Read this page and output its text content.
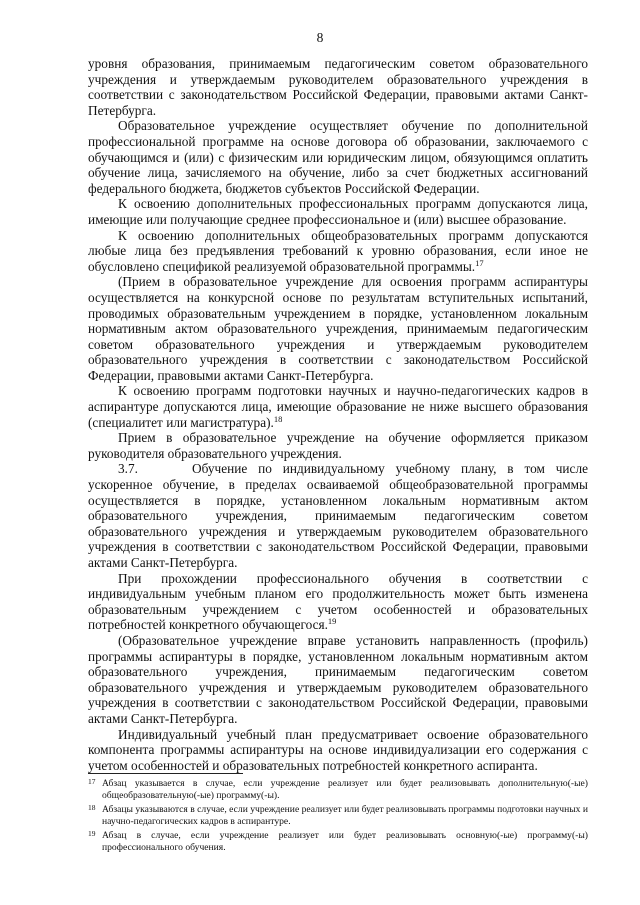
8

уровня образования, принимаемым педагогическим советом образовательного учреждения и утверждаемым руководителем образовательного учреждения в соответствии с законодательством Российской Федерации, правовыми актами Санкт-Петербурга.

Образовательное учреждение осуществляет обучение по дополнительной профессиональной программе на основе договора об образовании, заключаемого с обучающимся и (или) с физическим или юридическим лицом, обязующимся оплатить обучение лица, зачисляемого на обучение, либо за счет бюджетных ассигнований федерального бюджета, бюджетов субъектов Российской Федерации.

К освоению дополнительных профессиональных программ допускаются лица, имеющие или получающие среднее профессиональное и (или) высшее образование.

К освоению дополнительных общеобразовательных программ допускаются любые лица без предъявления требований к уровню образования, если иное не обусловлено спецификой реализуемой образовательной программы.$^{17}$

(Прием в образовательное учреждение для освоения программ аспирантуры осуществляется на конкурсной основе по результатам вступительных испытаний, проводимых образовательным учреждением в порядке, установленном локальным нормативным актом образовательного учреждения, принимаемым педагогическим советом образовательного учреждения и утверждаемым руководителем образовательного учреждения в соответствии с законодательством Российской Федерации, правовыми актами Санкт-Петербурга.

К освоению программ подготовки научных и научно-педагогических кадров в аспирантуре допускаются лица, имеющие образование не ниже высшего образования (специалитет или магистратура).$^{18}$

Прием в образовательное учреждение на обучение оформляется приказом руководителя образовательного учреждения.

3.7.	Обучение по индивидуальному учебному плану, в том числе ускоренное обучение, в пределах осваиваемой общеобразовательной программы осуществляется в порядке, установленном локальным нормативным актом образовательного учреждения, принимаемым педагогическим советом образовательного учреждения и утверждаемым руководителем образовательного учреждения в соответствии с законодательством Российской Федерации, правовыми актами Санкт-Петербурга.

При прохождении профессионального обучения в соответствии с индивидуальным учебным планом его продолжительность может быть изменена образовательным учреждением с учетом особенностей и образовательных потребностей конкретного обучающегося.$^{19}$

(Образовательное учреждение вправе установить направленность (профиль) программы аспирантуры в порядке, установленном локальным нормативным актом образовательного учреждения, принимаемым педагогическим советом образовательного учреждения и утверждаемым руководителем образовательного учреждения в соответствии с законодательством Российской Федерации, правовыми актами Санкт-Петербурга.

Индивидуальный учебный план предусматривает освоение образовательного компонента программы аспирантуры на основе индивидуализации его содержания с учетом особенностей и образовательных потребностей конкретного аспиранта.

17 Абзац указывается в случае, если учреждение реализует или будет реализовывать дополнительную(-ые) общеобразовательную(-ые) программу(-ы).
18 Абзацы указываются в случае, если учреждение реализует или будет реализовывать программы подготовки научных и научно-педагогических кадров в аспирантуре.
19 Абзац в случае, если учреждение реализует или будет реализовывать основную(-ые) программу(-ы) профессионального обучения.
